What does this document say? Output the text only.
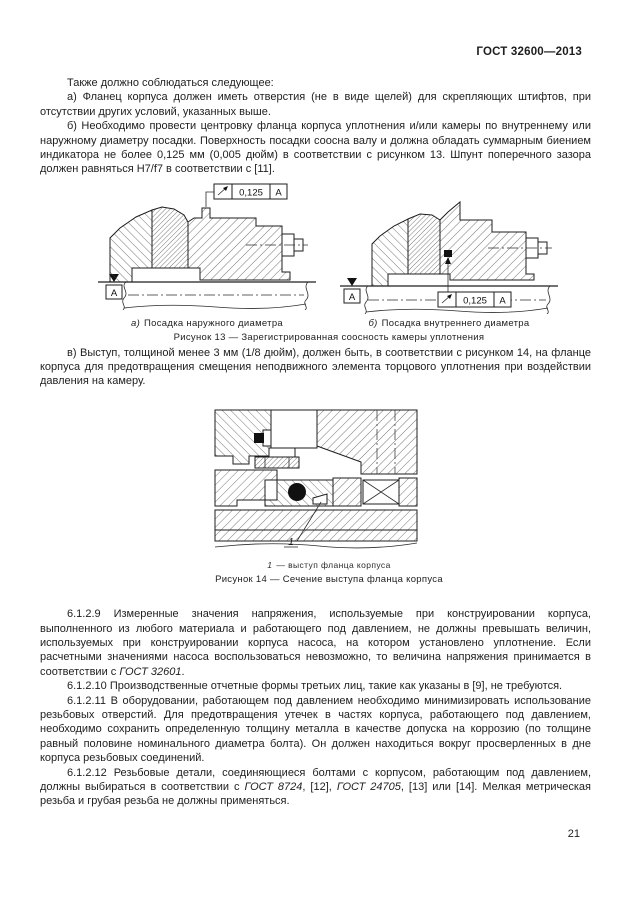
ГОСТ 32600—2013

Также должно соблюдаться следующее:

а) Фланец корпуса должен иметь отверстия (не в виде щелей) для скрепляющих штифтов, при отсутствии других условий, указанных выше.

б) Необходимо провести центровку фланца корпуса уплотнения и/или камеры по внутреннему или наружному диаметру посадки. Поверхность посадки соосна валу и должна обладать суммарным биением индикатора не более 0,125 мм (0,005 дюйм) в соответствии с рисунком 13. Шпунт поперечного зазора должен равняться H7/f7 в соответствии с [11].

A
0,125 A
A	0,125 A
а) Посадка наружного диаметра	б) Посадка внутреннего диаметра

Рисунок 13 — Зарегистрированная соосность камеры уплотнения

в) Выступ, толщиной менее 3 мм (1/8 дюйм), должен быть, в соответствии с рисунком 14, на фланце корпуса для предотвращения смещения неподвижного элемента торцового уплотнения при воздействии давления на камеру.

1

1 — выступ фланца корпуса

Рисунок 14 — Сечение выступа фланца корпуса

6.1.2.9 Измеренные значения напряжения, используемые при конструировании корпуса, выполненного из любого материала и работающего под давлением, не должны превышать величин, используемых при конструировании корпуса насоса, на котором установлено уплотнение. Если расчетными значениями насоса воспользоваться невозможно, то величина напряжения принимается в соответствии с ГОСТ 32601.

6.1.2.10 Производственные отчетные формы третьих лиц, такие как указаны в [9], не требуются.

6.1.2.11 В оборудовании, работающем под давлением необходимо минимизировать использование резьбовых отверстий. Для предотвращения утечек в частях корпуса, работающего под давлением, необходимо сохранить определенную толщину металла в качестве допуска на коррозию (по толщине равный половине номинального диаметра болта). Он должен находиться вокруг просверленных в дне корпуса резьбовых соединений.

6.1.2.12 Резьбовые детали, соединяющиеся болтами с корпусом, работающим под давлением, должны выбираться в соответствии с ГОСТ 8724, [12], ГОСТ 24705, [13] или [14]. Мелкая метрическая резьба и грубая резьба не должны применяться.

21
